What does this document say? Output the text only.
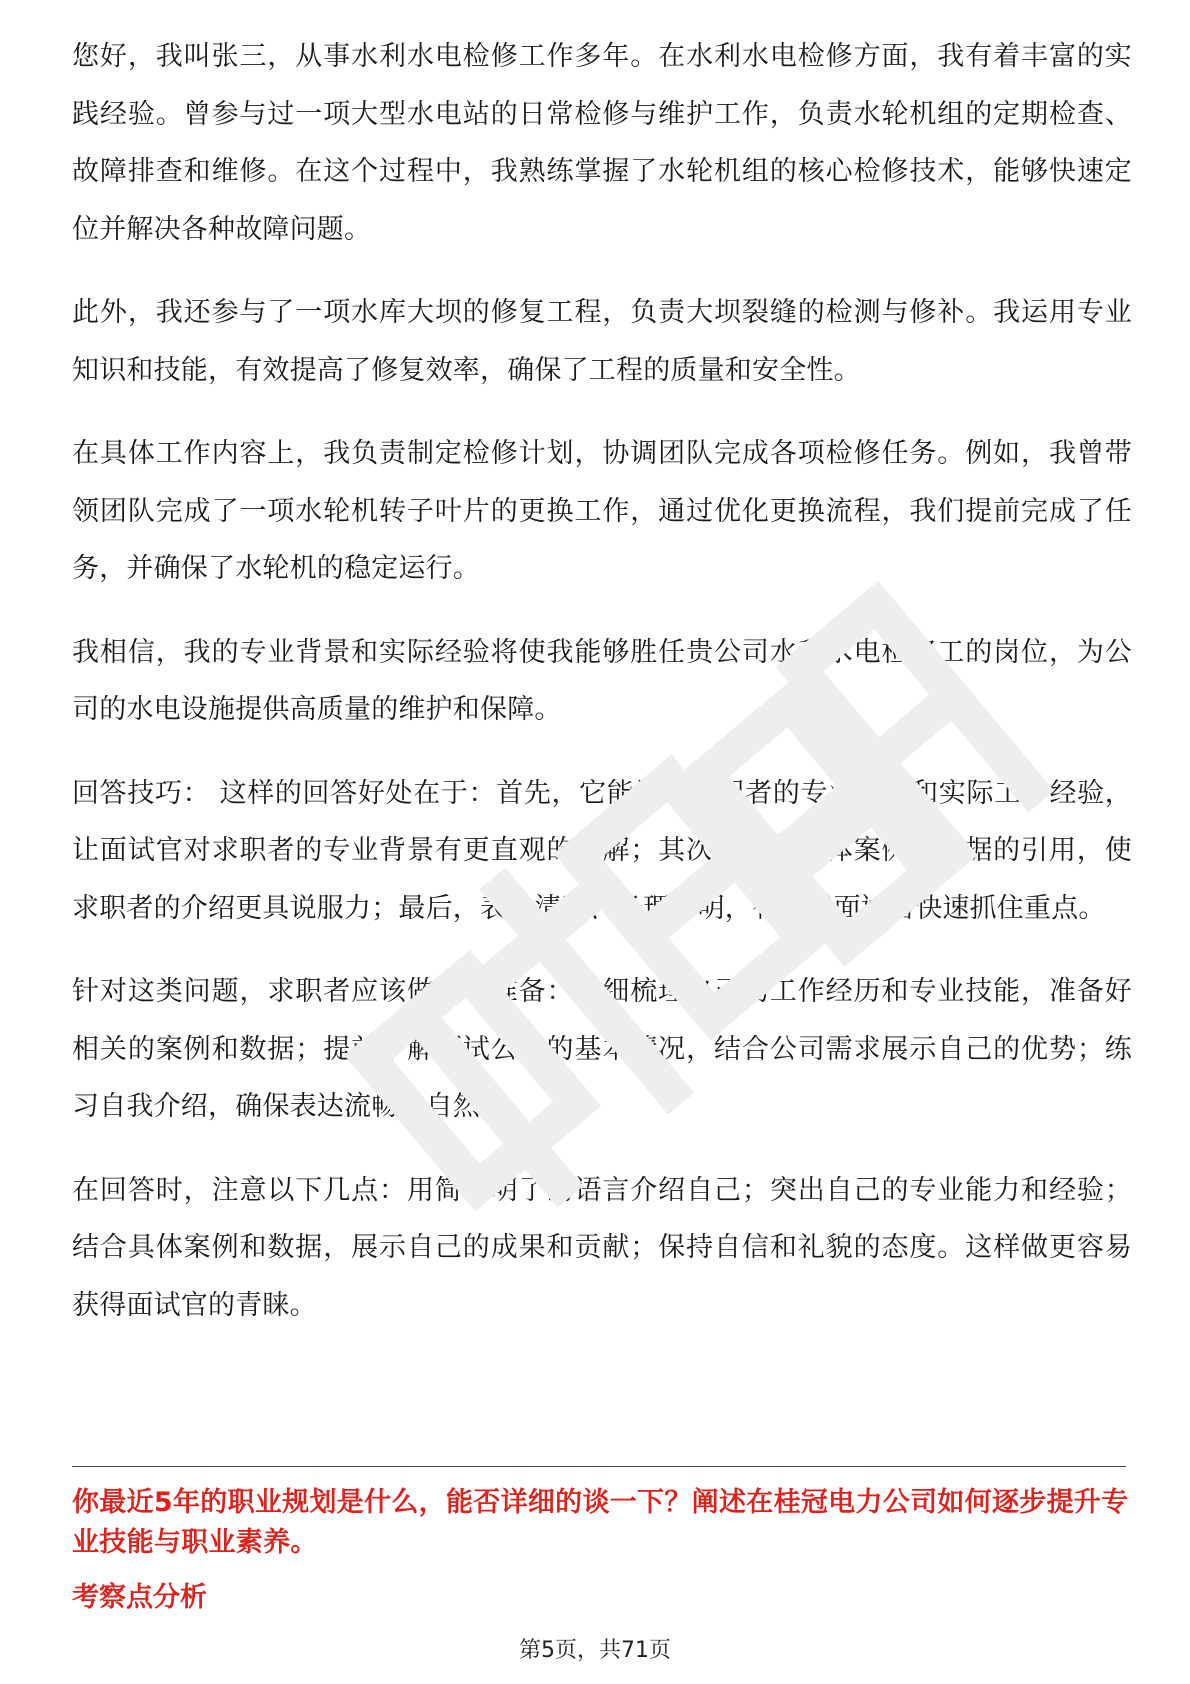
您好，我叫张三，从事水利水电检修工作多年。在水利水电检修方面，我有着丰富的实践经验。曾参与过一项大型水电站的日常检修与维护工作，负责水轮机组的定期检查、故障排查和维修。在这个过程中，我熟练掌握了水轮机组的核心检修技术，能够快速定位并解决各种故障问题。

此外，我还参与了一项水库大坝的修复工程，负责大坝裂缝的检测与修补。我运用专业知识和技能，有效提高了修复效率，确保了工程的质量和安全性。

在具体工作内容上，我负责制定检修计划，协调团队完成各项检修任务。例如，我曾带领团队完成了一项水轮机转子叶片的更换工作，通过优化更换流程，我们提前完成了任务，并确保了水轮机的稳定运行。

我相信，我的专业背景和实际经验将使我能够胜任贵公司水利水电检修工的岗位，为公司的水电设施提供高质量的维护和保障。

回答技巧： 这样的回答好处在于：首先，它能展示求职者的专业能力和实际工作经验，让面试官对求职者的专业背景有更直观的了解；其次，通过具体案例和数据的引用，使求职者的介绍更具说服力；最后，表达清晰、条理分明，有助于面试官快速抓住重点。

针对这类问题，求职者应该做以下准备：详细梳理自己的工作经历和专业技能，准备好相关的案例和数据；提前了解面试公司的基本情况，结合公司需求展示自己的优势；练习自我介绍，确保表达流畅、自然。

在回答时，注意以下几点：用简洁明了的语言介绍自己；突出自己的专业能力和经验；结合具体案例和数据，展示自己的成果和贡献；保持自信和礼貌的态度。这样做更容易获得面试官的青睐。

你最近5年的职业规划是什么，能否详细的谈一下？阐述在桂冠电力公司如何逐步提升专业技能与职业素养。
考察点分析
第5页，共71页
